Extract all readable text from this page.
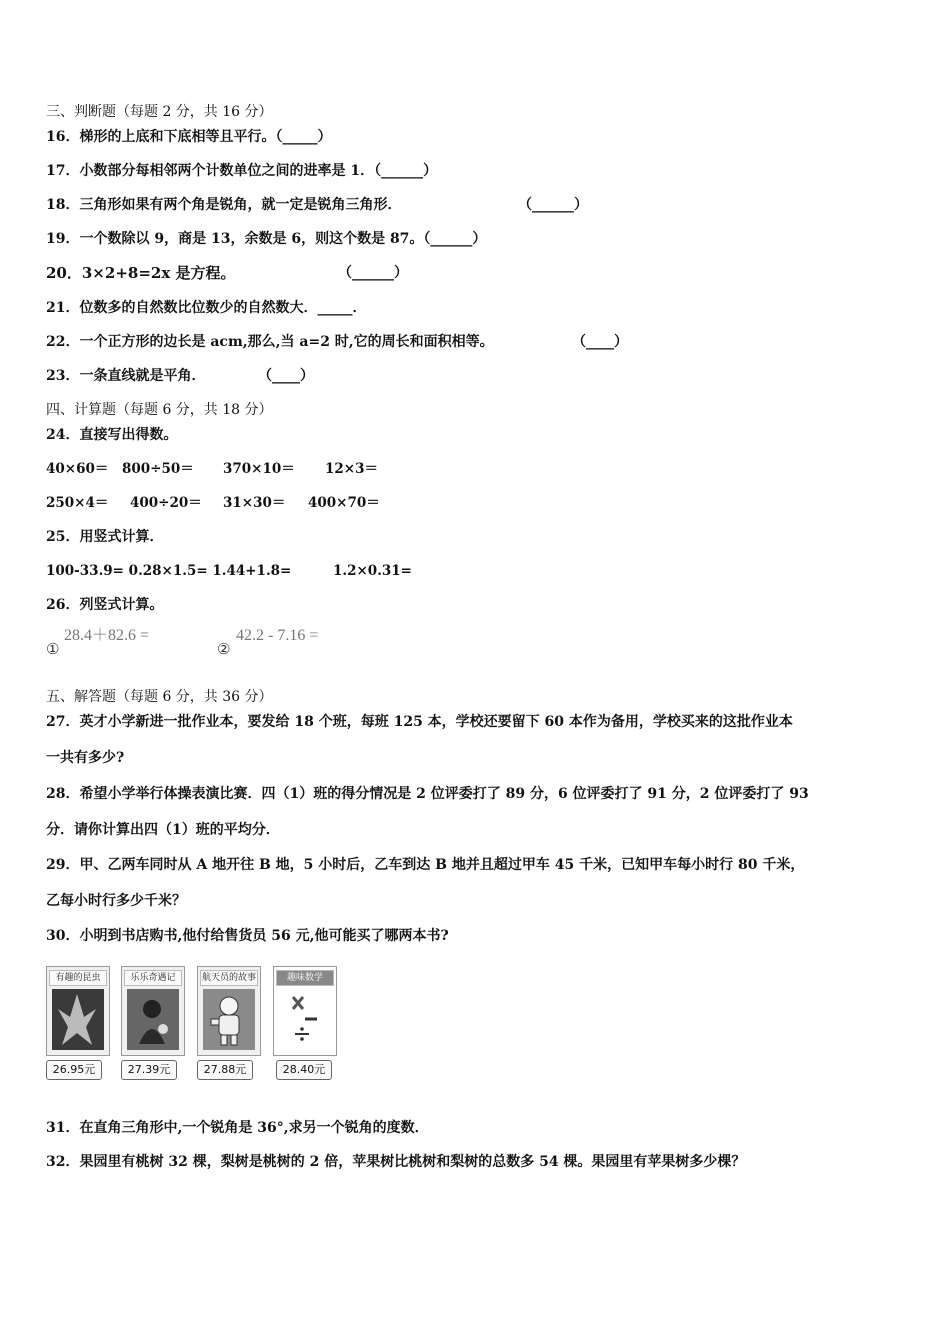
三、判断题（每题 2 分，共 16 分）
16．梯形的上底和下底相等且平行。（_____）
17．小数部分每相邻两个计数单位之间的进率是 1．（______）
18．三角形如果有两个角是锐角，就一定是锐角三角形．	（______）
19．一个数除以 9，商是 13，余数是 6，则这个数是 87。（______）
20．3×2+8=2x 是方程。	（______）
21．位数多的自然数比位数少的自然数大．_____．
22．一个正方形的边长是 acm,那么,当 a=2 时,它的周长和面积相等。	（____）
23．一条直线就是平角．	（____）
四、计算题（每题 6 分，共 18 分）
24．直接写出得数。
40×60＝ 800÷50＝ 370×10＝ 12×3＝
250×4＝ 400÷20＝ 31×30＝ 400×70＝
25．用竖式计算．
100-33.9= 0.28×1.5= 1.44+1.8=	1.2×0.31=
26．列竖式计算。
①
28.4＋82.6 =
②
42.2 - 7.16 =
五、解答题（每题 6 分，共 36 分）
27．英才小学新进一批作业本，要发给 18 个班，每班 125 本，学校还要留下 60 本作为备用，学校买来的这批作业本
一共有多少?
28．希望小学举行体操表演比赛．四（1）班的得分情况是 2 位评委打了 89 分，6 位评委打了 91 分，2 位评委打了 93
分．请你计算出四（1）班的平均分．
29．甲、乙两车同时从 A 地开往 B 地，5 小时后，乙车到达 B 地并且超过甲车 45 千米，已知甲车每小时行 80 千米，
乙每小时行多少千米？
30．小明到书店购书,他付给售货员 56 元,他可能买了哪两本书?
有趣的昆虫
26.95元
乐乐奇遇记
27.39元
航天员的故事
27.88元
趣味数学
28.40元
31．在直角三角形中,一个锐角是 36°,求另一个锐角的度数．
32．果园里有桃树 32 棵，梨树是桃树的 2 倍，苹果树比桃树和梨树的总数多 54 棵。果园里有苹果树多少棵？
